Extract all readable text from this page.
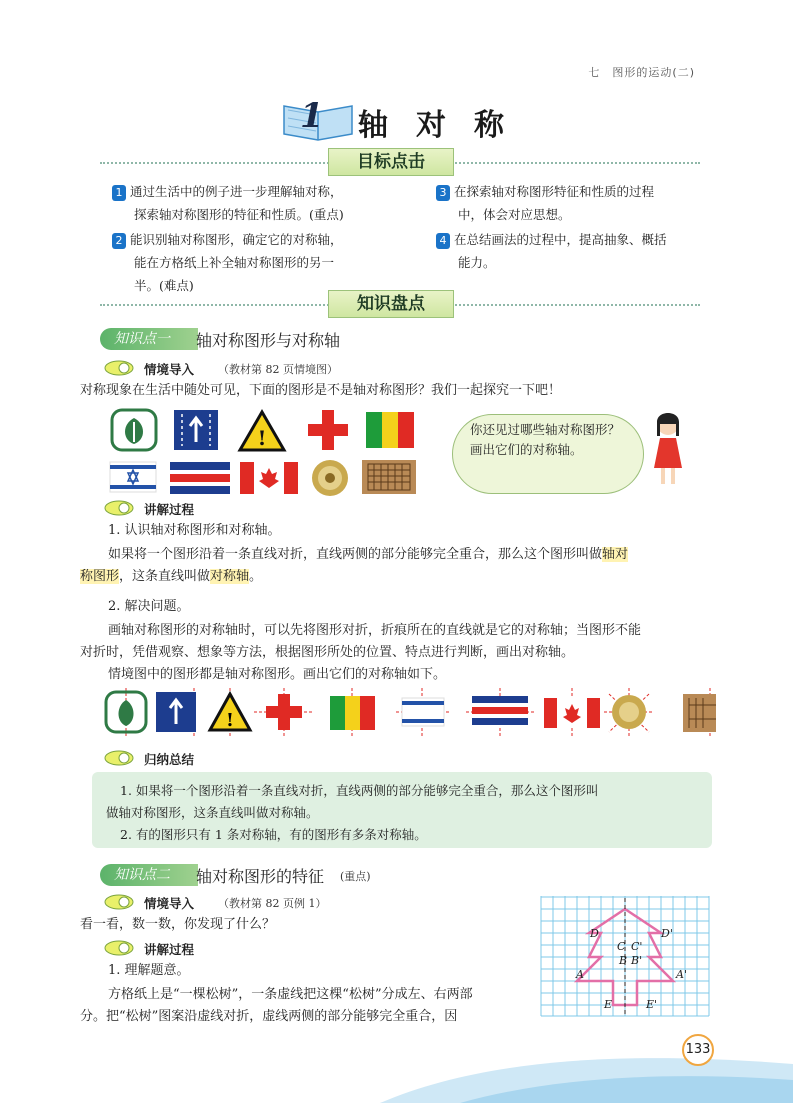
七　图形的运动(二)
1 轴对称
目标点击
1 通过生活中的例子进一步理解轴对称，
探索轴对称图形的特征和性质。(重点)
2 能识别轴对称图形，确定它的对称轴，
能在方格纸上补全轴对称图形的另一
半。(难点)
3 在探索轴对称图形特征和性质的过程
中，体会对应思想。
4 在总结画法的过程中，提高抽象、概括
能力。
知识盘点
知识点一	轴对称图形与对称轴
情境导入 （教材第 82 页情境图）
对称现象在生活中随处可见，下面的图形是不是轴对称图形？我们一起探究一下吧！
!	你还见过哪些轴对称图形？画出它们的对称轴。
讲解过程
1. 认识轴对称图形和对称轴。
如果将一个图形沿着一条直线对折，直线两侧的部分能够完全重合，那么这个图形叫做轴对
称图形，这条直线叫做对称轴。
2. 解决问题。
画轴对称图形的对称轴时，可以先将图形对折，折痕所在的直线就是它的对称轴；当图形不能
对折时，凭借观察、想象等方法，根据图形所处的位置、特点进行判断，画出对称轴。
情境图中的图形都是轴对称图形。画出它们的对称轴如下。
!
归纳总结
1. 如果将一个图形沿着一条直线对折，直线两侧的部分能够完全重合，那么这个图形叫
做轴对称图形，这条直线叫做对称轴。
2. 有的图形只有 1 条对称轴，有的图形有多条对称轴。
知识点二	轴对称图形的特征 (重点)
情境导入 （教材第 82 页例 1）
看一看，数一数，你发现了什么？
讲解过程
1. 理解题意。
方格纸上是“一棵松树”，一条虚线把这棵“松树”分成左、右两部
分。把“松树”图案沿虚线对折，虚线两侧的部分能够完全重合，因
D	D'
C C'
B B'
A	A'
E	E'
133
